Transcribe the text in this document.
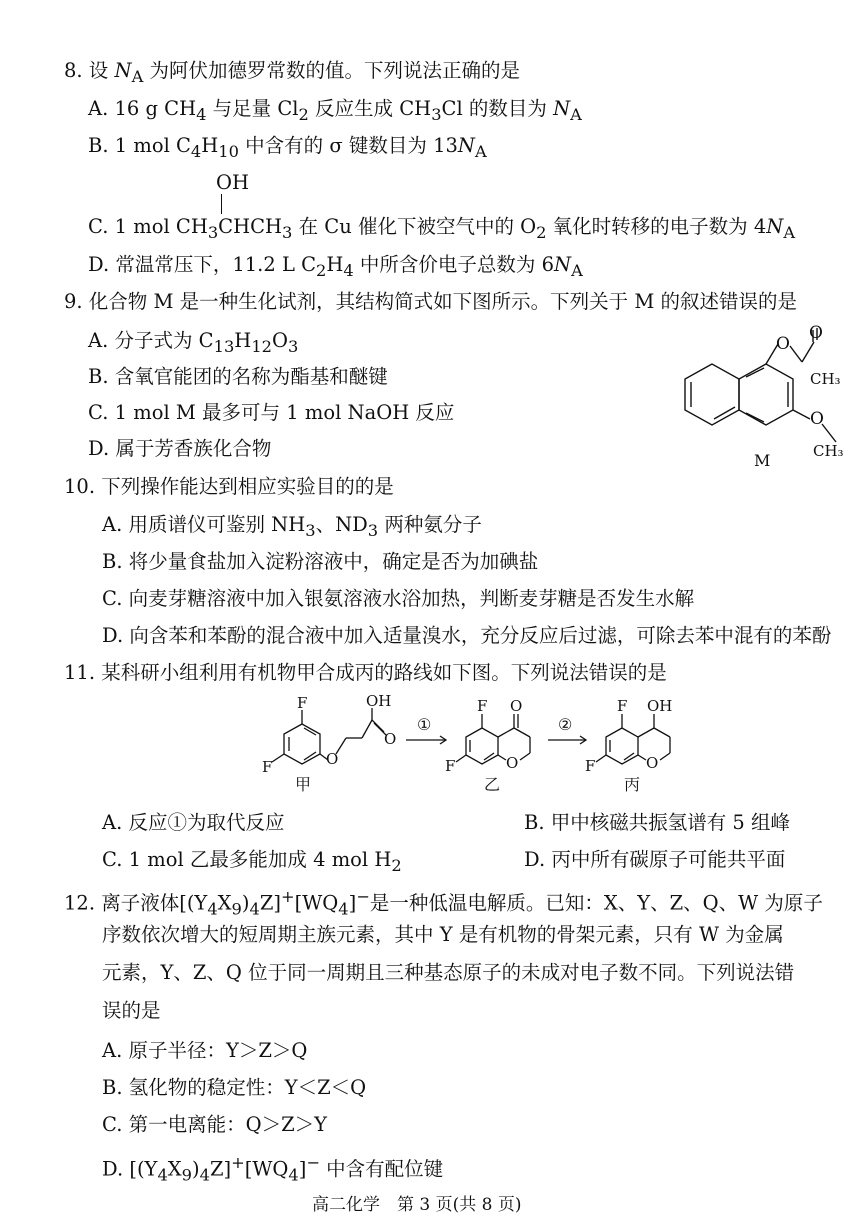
8. 设 $N_A$ 为阿伏加德罗常数的值。下列说法正确的是
A. 16 g $CH_4$ 与足量 $Cl_2$ 反应生成 $CH_3Cl$ 的数目为 $N_A$
B. 1 mol $C_4H_{10}$ 中含有的 σ 键数目为 $13N_A$
OH
C. 1 mol $CH_3CHCH_3$ 在 Cu 催化下被空气中的 $O_2$ 氧化时转移的电子数为 $4N_A$
D. 常温常压下，11.2 L $C_2H_4$ 中所含价电子总数为 $6N_A$
9. 化合物 M 是一种生化试剂，其结构简式如下图所示。下列关于 M 的叙述错误的是
A. 分子式为 $C_{13}H_{12}O_3$
B. 含氧官能团的名称为酯基和醚键
C. 1 mol M 最多可与 1 mol NaOH 反应
D. 属于芳香族化合物
O
O
CH₃
O
CH₃
M
10. 下列操作能达到相应实验目的的是
A. 用质谱仪可鉴别 $NH_3$、$ND_3$ 两种氨分子
B. 将少量食盐加入淀粉溶液中，确定是否为加碘盐
C. 向麦芽糖溶液中加入银氨溶液水浴加热，判断麦芽糖是否发生水解
D. 向含苯和苯酚的混合液中加入适量溴水，充分反应后过滤，可除去苯中混有的苯酚
11. 某科研小组利用有机物甲合成丙的路线如下图。下列说法错误的是
F
F	O
OH
O
甲
①
F
F
O
O
乙
②
F
F
OH
O
丙
A. 反应①为取代反应	B. 甲中核磁共振氢谱有 5 组峰
C. 1 mol 乙最多能加成 4 mol $H_2$	D. 丙中所有碳原子可能共平面
12. 离子液体$[(Y_4X_9)_4Z]^+[WQ_4]^-$是一种低温电解质。已知：X、Y、Z、Q、W 为原子
序数依次增大的短周期主族元素，其中 Y 是有机物的骨架元素，只有 W 为金属
元素，Y、Z、Q 位于同一周期且三种基态原子的未成对电子数不同。下列说法错
误的是
A. 原子半径：Y＞Z＞Q
B. 氢化物的稳定性：Y＜Z＜Q
C. 第一电离能：Q＞Z＞Y
D. $[(Y_4X_9)_4Z]^+[WQ_4]^-$ 中含有配位键
高二化学　第 3 页(共 8 页)
